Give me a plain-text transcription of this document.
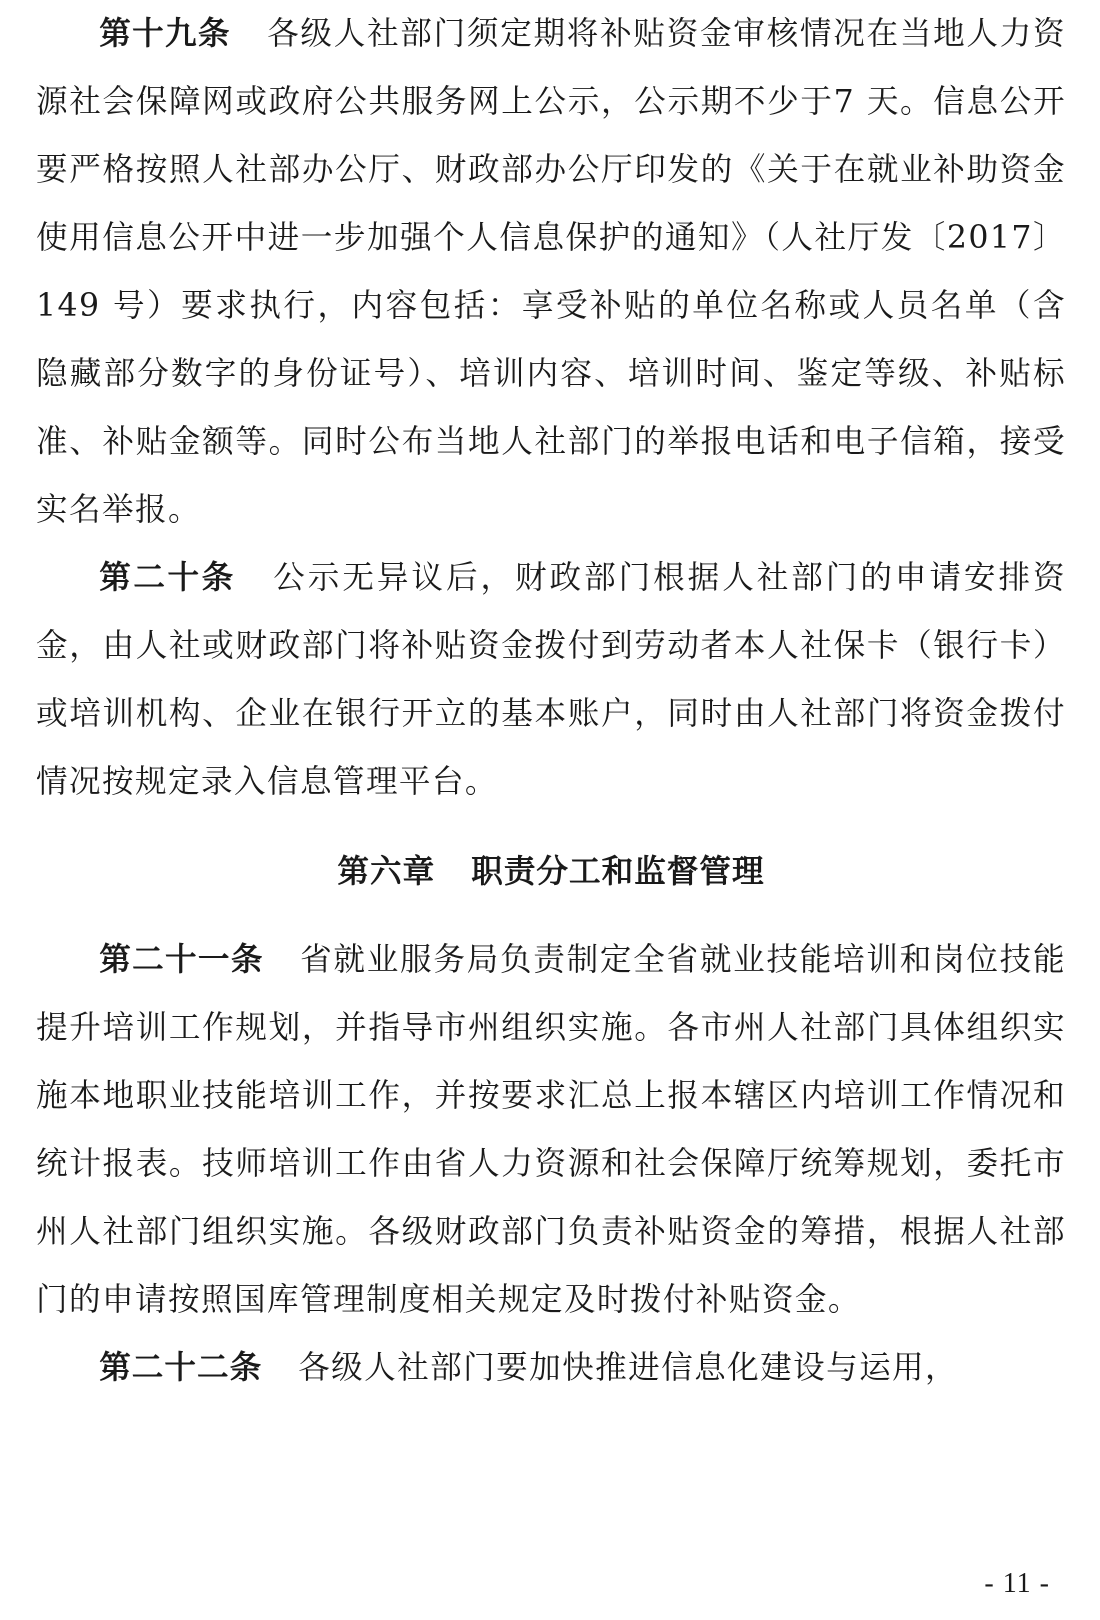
第十九条 各级人社部门须定期将补贴资金审核情况在当地人力资源社会保障网或政府公共服务网上公示，公示期不少于7 天。信息公开要严格按照人社部办公厅、财政部办公厅印发的《关于在就业补助资金使用信息公开中进一步加强个人信息保护的通知》（人社厅发〔2017〕149 号）要求执行，内容包括：享受补贴的单位名称或人员名单（含隐藏部分数字的身份证号）、培训内容、培训时间、鉴定等级、补贴标准、补贴金额等。同时公布当地人社部门的举报电话和电子信箱，接受实名举报。

第二十条 公示无异议后，财政部门根据人社部门的申请安排资金，由人社或财政部门将补贴资金拨付到劳动者本人社保卡（银行卡）或培训机构、企业在银行开立的基本账户，同时由人社部门将资金拨付情况按规定录入信息管理平台。

第六章 职责分工和监督管理

第二十一条 省就业服务局负责制定全省就业技能培训和岗位技能提升培训工作规划，并指导市州组织实施。各市州人社部门具体组织实施本地职业技能培训工作，并按要求汇总上报本辖区内培训工作情况和统计报表。技师培训工作由省人力资源和社会保障厅统筹规划，委托市州人社部门组织实施。各级财政部门负责补贴资金的筹措，根据人社部门的申请按照国库管理制度相关规定及时拨付补贴资金。

第二十二条 各级人社部门要加快推进信息化建设与运用，

- 11 -
